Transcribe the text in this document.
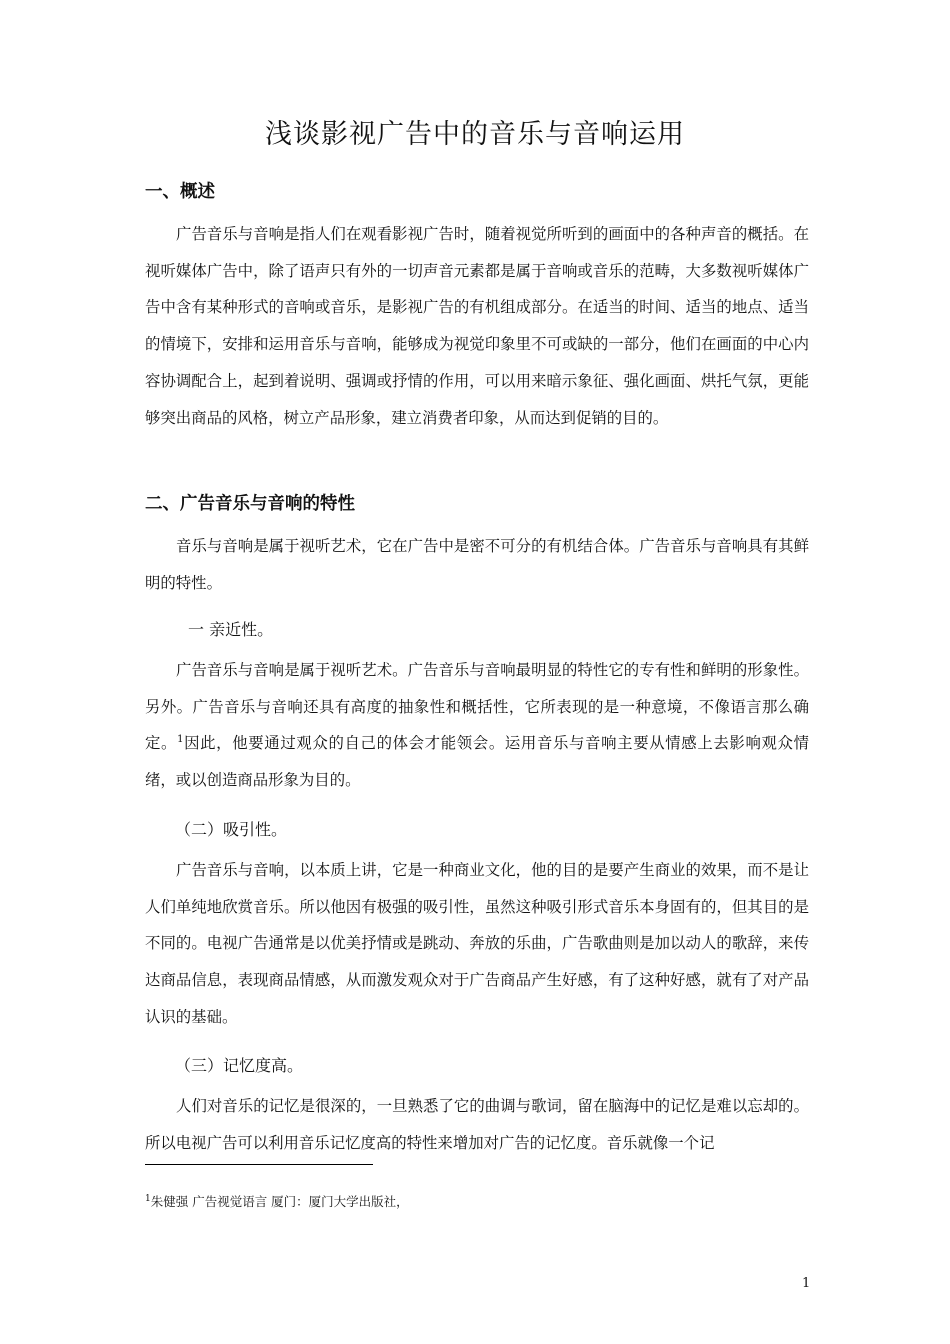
浅谈影视广告中的音乐与音响运用
一、概述

广告音乐与音响是指人们在观看影视广告时，随着视觉所听到的画面中的各种声音的概括。在视听媒体广告中，除了语声只有外的一切声音元素都是属于音响或音乐的范畴，大多数视听媒体广告中含有某种形式的音响或音乐，是影视广告的有机组成部分。在适当的时间、适当的地点、适当的情境下，安排和运用音乐与音响，能够成为视觉印象里不可或缺的一部分，他们在画面的中心内容协调配合上，起到着说明、强调或抒情的作用，可以用来暗示象征、强化画面、烘托气氛，更能够突出商品的风格，树立产品形象，建立消费者印象，从而达到促销的目的。

二、广告音乐与音响的特性

音乐与音响是属于视听艺术，它在广告中是密不可分的有机结合体。广告音乐与音响具有其鲜明的特性。

一 亲近性。

广告音乐与音响是属于视听艺术。广告音乐与音响最明显的特性它的专有性和鲜明的形象性。另外。广告音乐与音响还具有高度的抽象性和概括性，它所表现的是一种意境，不像语言那么确定。$^1$因此，他要通过观众的自己的体会才能领会。运用音乐与音响主要从情感上去影响观众情绪，或以创造商品形象为目的。

（二）吸引性。

广告音乐与音响，以本质上讲，它是一种商业文化，他的目的是要产生商业的效果，而不是让人们单纯地欣赏音乐。所以他因有极强的吸引性，虽然这种吸引形式音乐本身固有的，但其目的是不同的。电视广告通常是以优美抒情或是跳动、奔放的乐曲，广告歌曲则是加以动人的歌辞，来传达商品信息，表现商品情感，从而激发观众对于广告商品产生好感，有了这种好感，就有了对产品认识的基础。

（三）记忆度高。

人们对音乐的记忆是很深的，一旦熟悉了它的曲调与歌词，留在脑海中的记忆是难以忘却的。所以电视广告可以利用音乐记忆度高的特性来增加对广告的记忆度。音乐就像一个记

$^1$朱健强 广告视觉语言 厦门：厦门大学出版社，

1
